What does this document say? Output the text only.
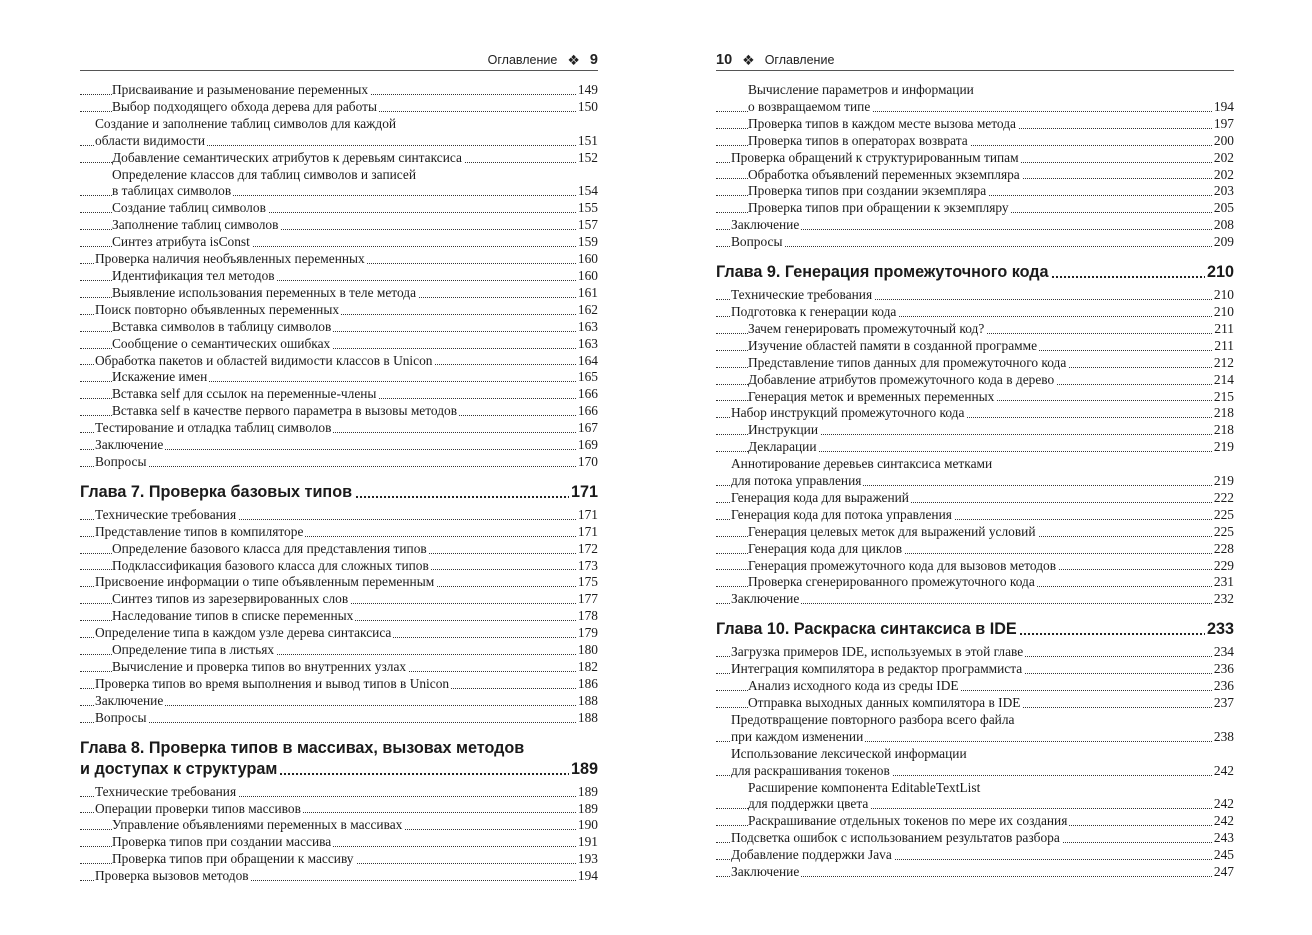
Оглавление ❖ 9
Присваивание и разыменование переменных	149
Выбор подходящего обхода дерева для работы	150
Создание и заполнение таблиц символов для каждой
области видимости	151
Добавление семантических атрибутов к деревьям синтаксиса	152
Определение классов для таблиц символов и записей
в таблицах символов	154
Создание таблиц символов	155
Заполнение таблиц символов	157
Синтез атрибута isConst	159
Проверка наличия необъявленных переменных	160
Идентификация тел методов	160
Выявление использования переменных в теле метода	161
Поиск повторно объявленных переменных	162
Вставка символов в таблицу символов	163
Сообщение о семантических ошибках	163
Обработка пакетов и областей видимости классов в Unicon	164
Искажение имен	165
Вставка self для ссылок на переменные-члены	166
Вставка self в качестве первого параметра в вызовы методов	166
Тестирование и отладка таблиц символов	167
Заключение	169
Вопросы	170
Глава 7. Проверка базовых типов	171
Технические требования	171
Представление типов в компиляторе	171
Определение базового класса для представления типов	172
Подклассификация базового класса для сложных типов	173
Присвоение информации о типе объявленным переменным	175
Синтез типов из зарезервированных слов	177
Наследование типов в списке переменных	178
Определение типа в каждом узле дерева синтаксиса	179
Определение типа в листьях	180
Вычисление и проверка типов во внутренних узлах	182
Проверка типов во время выполнения и вывод типов в Unicon	186
Заключение	188
Вопросы	188
Глава 8. Проверка типов в массивах, вызовах методов
и доступах к структурам	189
Технические требования	189
Операции проверки типов массивов	189
Управление объявлениями переменных в массивах	190
Проверка типов при создании массива	191
Проверка типов при обращении к массиву	193
Проверка вызовов методов	194
10 ❖ Оглавление
Вычисление параметров и информации
о возвращаемом типе	194
Проверка типов в каждом месте вызова метода	197
Проверка типов в операторах возврата	200
Проверка обращений к структурированным типам	202
Обработка объявлений переменных экземпляра	202
Проверка типов при создании экземпляра	203
Проверка типов при обращении к экземпляру	205
Заключение	208
Вопросы	209
Глава 9. Генерация промежуточного кода	210
Технические требования	210
Подготовка к генерации кода	210
Зачем генерировать промежуточный код?	211
Изучение областей памяти в созданной программе	211
Представление типов данных для промежуточного кода	212
Добавление атрибутов промежуточного кода в дерево	214
Генерация меток и временных переменных	215
Набор инструкций промежуточного кода	218
Инструкции	218
Декларации	219
Аннотирование деревьев синтаксиса метками
для потока управления	219
Генерация кода для выражений	222
Генерация кода для потока управления	225
Генерация целевых меток для выражений условий	225
Генерация кода для циклов	228
Генерация промежуточного кода для вызовов методов	229
Проверка сгенерированного промежуточного кода	231
Заключение	232
Глава 10. Раскраска синтаксиса в IDE	233
Загрузка примеров IDE, используемых в этой главе	234
Интеграция компилятора в редактор программиста	236
Анализ исходного кода из среды IDE	236
Отправка выходных данных компилятора в IDE	237
Предотвращение повторного разбора всего файла
при каждом изменении	238
Использование лексической информации
для раскрашивания токенов	242
Расширение компонента EditableTextList
для поддержки цвета	242
Раскрашивание отдельных токенов по мере их создания	242
Подсветка ошибок с использованием результатов разбора	243
Добавление поддержки Java	245
Заключение	247
